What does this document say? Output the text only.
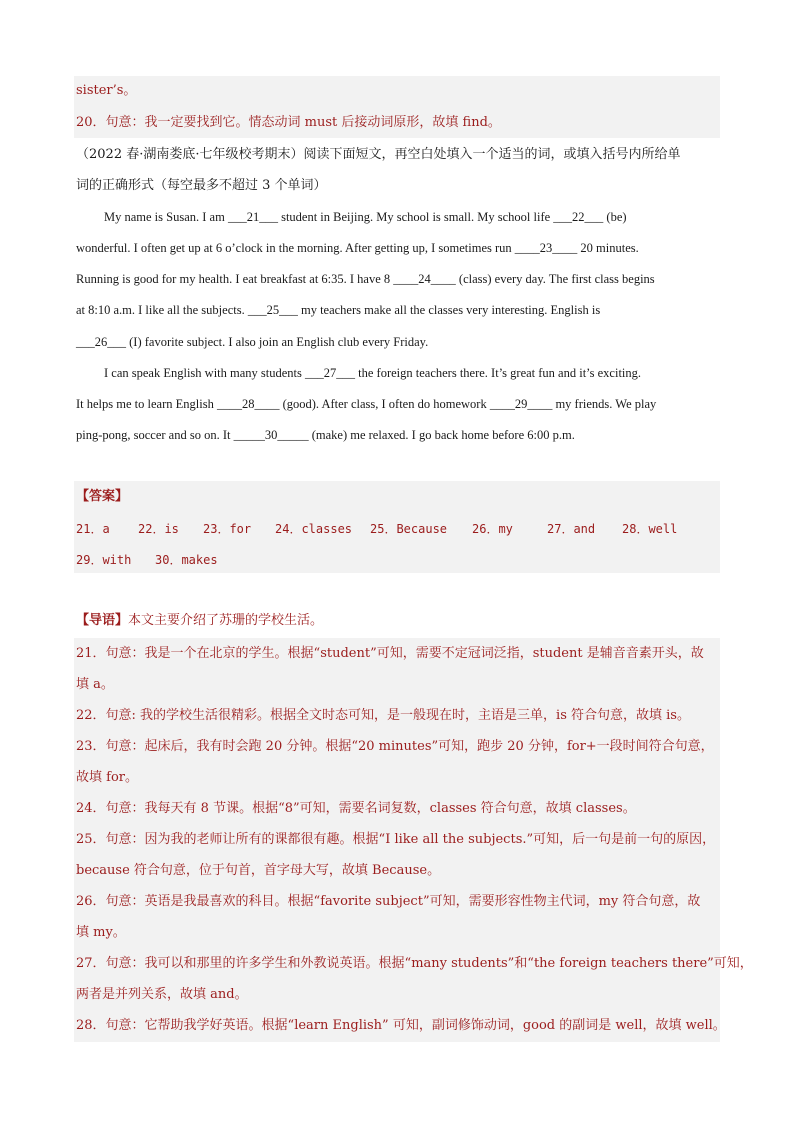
sister’s。
20．句意：我一定要找到它。情态动词 must 后接动词原形，故填 find。
（2022 春·湖南娄底·七年级校考期末）阅读下面短文，再空白处填入一个适当的词，或填入括号内所给单
词的正确形式（每空最多不超过 3 个单词）
My name is Susan. I am ___21___ student in Beijing. My school is small. My school life ___22___ (be)
wonderful. I often get up at 6 o’clock in the morning. After getting up, I sometimes run ____23____ 20 minutes.
Running is good for my health. I eat breakfast at 6:35. I have 8 ____24____ (class) every day. The first class begins
at 8:10 a.m. I like all the subjects. ___25___ my teachers make all the classes very interesting. English is
___26___ (I) favorite subject. I also join an English club every Friday.
I can speak English with many students ___27___ the foreign teachers there. It’s great fun and it’s exciting.
It helps me to learn English ____28____ (good). After class, I often do homework ____29____ my friends. We play
ping-pong, soccer and so on. It _____30_____ (make) me relaxed. I go back home before 6:00 p.m.
【答案】
21．a 22．is 23．for 24．classes 25．Because 26．my	27．and 28．well
29．with 30．makes
【导语】本文主要介绍了苏珊的学校生活。
21．句意：我是一个在北京的学生。根据“student”可知，需要不定冠词泛指，student 是辅音音素开头，故
填 a。
22．句意: 我的学校生活很精彩。根据全文时态可知，是一般现在时，主语是三单，is 符合句意，故填 is。
23．句意：起床后，我有时会跑 20 分钟。根据“20 minutes”可知，跑步 20 分钟，for+一段时间符合句意，
故填 for。
24．句意：我每天有 8 节课。根据“8”可知，需要名词复数，classes 符合句意，故填 classes。
25．句意：因为我的老师让所有的课都很有趣。根据“I like all the subjects.”可知，后一句是前一句的原因，
because 符合句意，位于句首，首字母大写，故填 Because。
26．句意：英语是我最喜欢的科目。根据“favorite subject”可知，需要形容性物主代词，my 符合句意，故
填 my。
27．句意：我可以和那里的许多学生和外教说英语。根据“many students”和“the foreign teachers there”可知，
两者是并列关系，故填 and。
28．句意：它帮助我学好英语。根据“learn English” 可知，副词修饰动词，good 的副词是 well，故填 well。
